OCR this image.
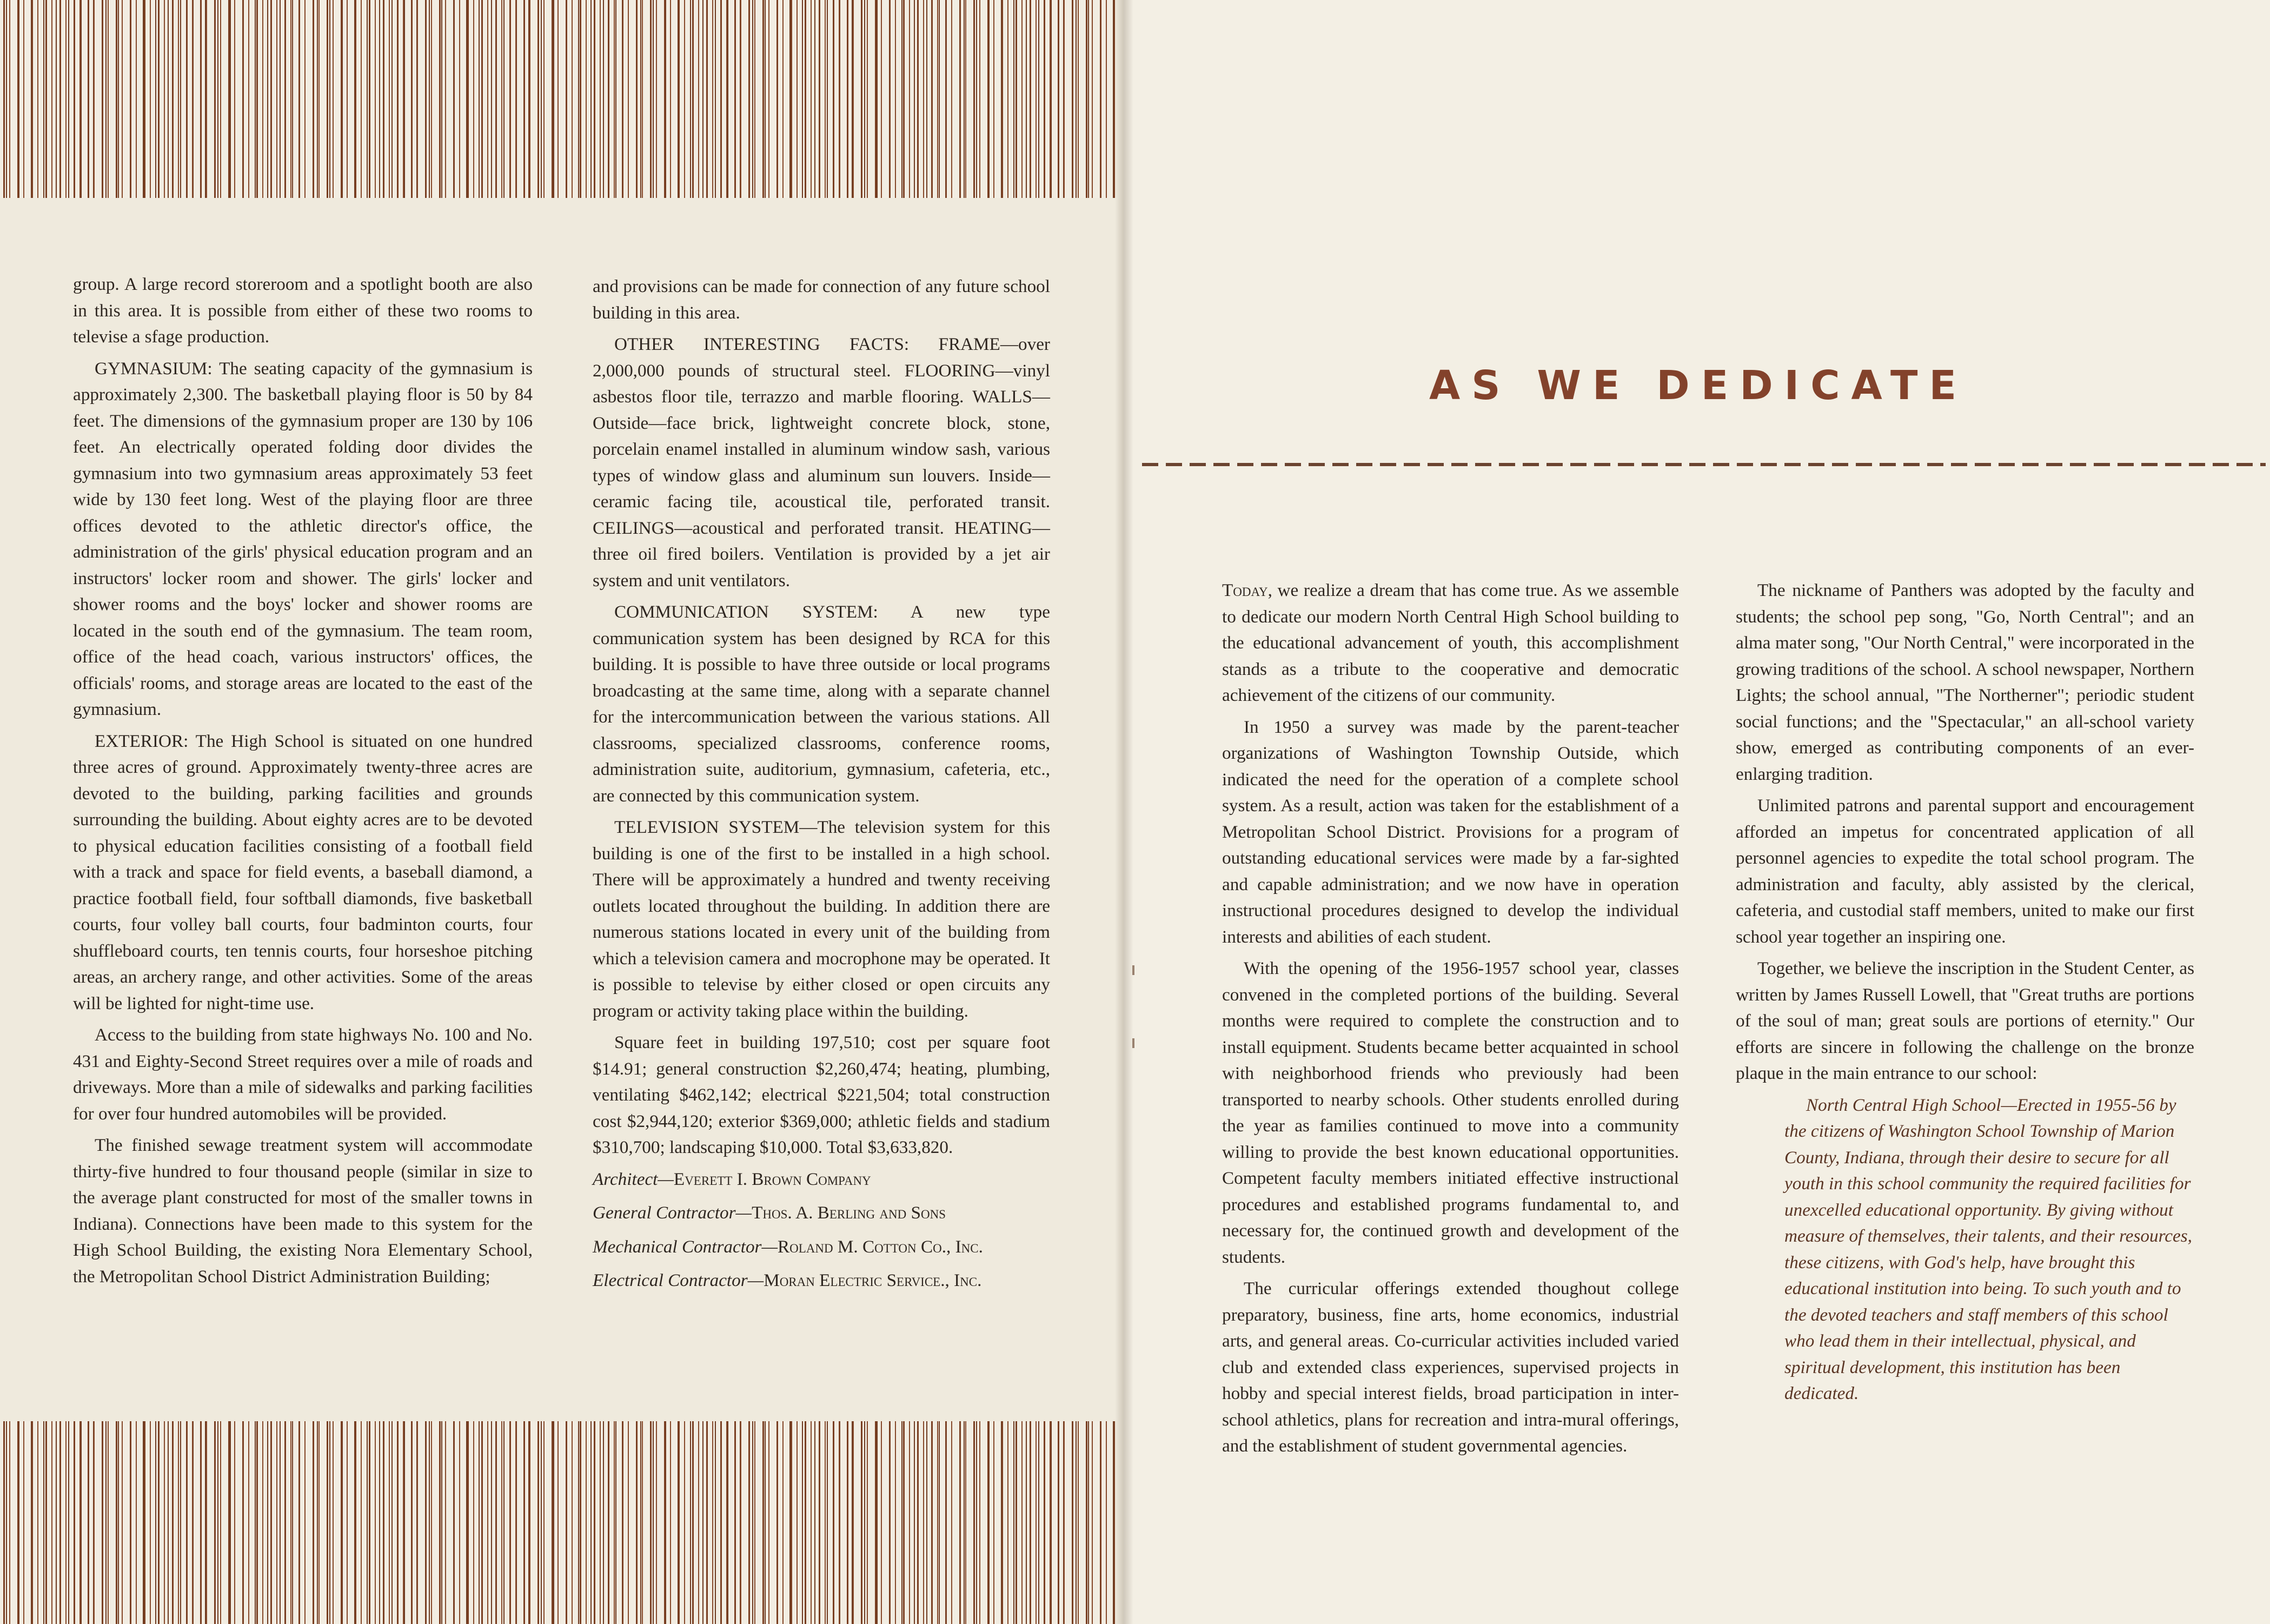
group. A large record storeroom and a spotlight booth are also in this area. It is possible from either of these two rooms to televise a sfage production.

GYMNASIUM: The seating capacity of the gymnasium is approximately 2,300. The basketball playing floor is 50 by 84 feet. The dimensions of the gymnasium proper are 130 by 106 feet. An electrically operated folding door divides the gymnasium into two gymnasium areas approximately 53 feet wide by 130 feet long. West of the playing floor are three offices devoted to the athletic director's office, the administration of the girls' physical education program and an instructors' locker room and shower. The girls' locker and shower rooms and the boys' locker and shower rooms are located in the south end of the gymnasium. The team room, office of the head coach, various instructors' offices, the officials' rooms, and storage areas are located to the east of the gymnasium.

EXTERIOR: The High School is situated on one hundred three acres of ground. Approximately twenty-three acres are devoted to the building, parking facilities and grounds surrounding the building. About eighty acres are to be devoted to physical education facilities consisting of a football field with a track and space for field events, a baseball diamond, a practice football field, four softball diamonds, five basketball courts, four volley ball courts, four badminton courts, four shuffleboard courts, ten tennis courts, four horseshoe pitching areas, an archery range, and other activities. Some of the areas will be lighted for night-time use.

Access to the building from state highways No. 100 and No. 431 and Eighty-Second Street requires over a mile of roads and driveways. More than a mile of sidewalks and parking facilities for over four hundred automobiles will be provided.

The finished sewage treatment system will accommodate thirty-five hundred to four thousand people (similar in size to the average plant constructed for most of the smaller towns in Indiana). Connections have been made to this system for the High School Building, the existing Nora Elementary School, the Metropolitan School District Administration Building;

and provisions can be made for connection of any future school building in this area.

OTHER INTERESTING FACTS: FRAME—over 2,000,000 pounds of structural steel. FLOORING—vinyl asbestos floor tile, terrazzo and marble flooring. WALLS—Outside—face brick, lightweight concrete block, stone, porcelain enamel installed in aluminum window sash, various types of window glass and aluminum sun louvers. Inside—ceramic facing tile, acoustical tile, perforated transit. CEILINGS—acoustical and perforated transit. HEATING—three oil fired boilers. Ventilation is provided by a jet air system and unit ventilators.

COMMUNICATION SYSTEM: A new type communication system has been designed by RCA for this building. It is possible to have three outside or local programs broadcasting at the same time, along with a separate channel for the intercommunication between the various stations. All classrooms, specialized classrooms, conference rooms, administration suite, auditorium, gymnasium, cafeteria, etc., are connected by this communication system.

TELEVISION SYSTEM—The television system for this building is one of the first to be installed in a high school. There will be approximately a hundred and twenty receiving outlets located throughout the building. In addition there are numerous stations located in every unit of the building from which a television camera and mocrophone may be operated. It is possible to televise by either closed or open circuits any program or activity taking place within the building.

Square feet in building 197,510; cost per square foot $14.91; general construction $2,260,474; heating, plumbing, ventilating $462,142; electrical $221,504; total construction cost $2,944,120; exterior $369,000; athletic fields and stadium $310,700; landscaping $10,000. Total $3,633,820.

Architect—Everett I. Brown Company

General Contractor—Thos. A. Berling and Sons

Mechanical Contractor—Roland M. Cotton Co., Inc.

Electrical Contractor—Moran Electric Service., Inc.

AS WE DEDICATE

Today, we realize a dream that has come true. As we assemble to dedicate our modern North Central High School building to the educational advancement of youth, this accomplishment stands as a tribute to the cooperative and democratic achievement of the citizens of our community.

In 1950 a survey was made by the parent-teacher organizations of Washington Township Outside, which indicated the need for the operation of a complete school system. As a result, action was taken for the establishment of a Metropolitan School District. Provisions for a program of outstanding educational services were made by a far-sighted and capable administration; and we now have in operation instructional procedures designed to develop the individual interests and abilities of each student.

With the opening of the 1956-1957 school year, classes convened in the completed portions of the building. Several months were required to complete the construction and to install equipment. Students became better acquainted in school with neighborhood friends who previously had been transported to nearby schools. Other students enrolled during the year as families continued to move into a community willing to provide the best known educational opportunities. Competent faculty members initiated effective instructional procedures and established programs fundamental to, and necessary for, the continued growth and development of the students.

The curricular offerings extended thoughout college preparatory, business, fine arts, home economics, industrial arts, and general areas. Co-curricular activities included varied club and extended class experiences, supervised projects in hobby and special interest fields, broad participation in inter-school athletics, plans for recreation and intra-mural offerings, and the establishment of student governmental agencies.

The nickname of Panthers was adopted by the faculty and students; the school pep song, "Go, North Central"; and an alma mater song, "Our North Central," were incorporated in the growing traditions of the school. A school newspaper, Northern Lights; the school annual, "The Northerner"; periodic student social functions; and the "Spectacular," an all-school variety show, emerged as contributing components of an ever-enlarging tradition.

Unlimited patrons and parental support and encouragement afforded an impetus for concentrated application of all personnel agencies to expedite the total school program. The administration and faculty, ably assisted by the clerical, cafeteria, and custodial staff members, united to make our first school year together an inspiring one.

Together, we believe the inscription in the Student Center, as written by James Russell Lowell, that "Great truths are portions of the soul of man; great souls are portions of eternity." Our efforts are sincere in following the challenge on the bronze plaque in the main entrance to our school:

North Central High School—Erected in 1955-56 by the citizens of Washington School Township of Marion County, Indiana, through their desire to secure for all youth in this school community the required facilities for unexcelled educational opportunity. By giving without measure of themselves, their talents, and their resources, these citizens, with God's help, have brought this educational institution into being. To such youth and to the devoted teachers and staff members of this school who lead them in their intellectual, physical, and spiritual development, this institution has been dedicated.
